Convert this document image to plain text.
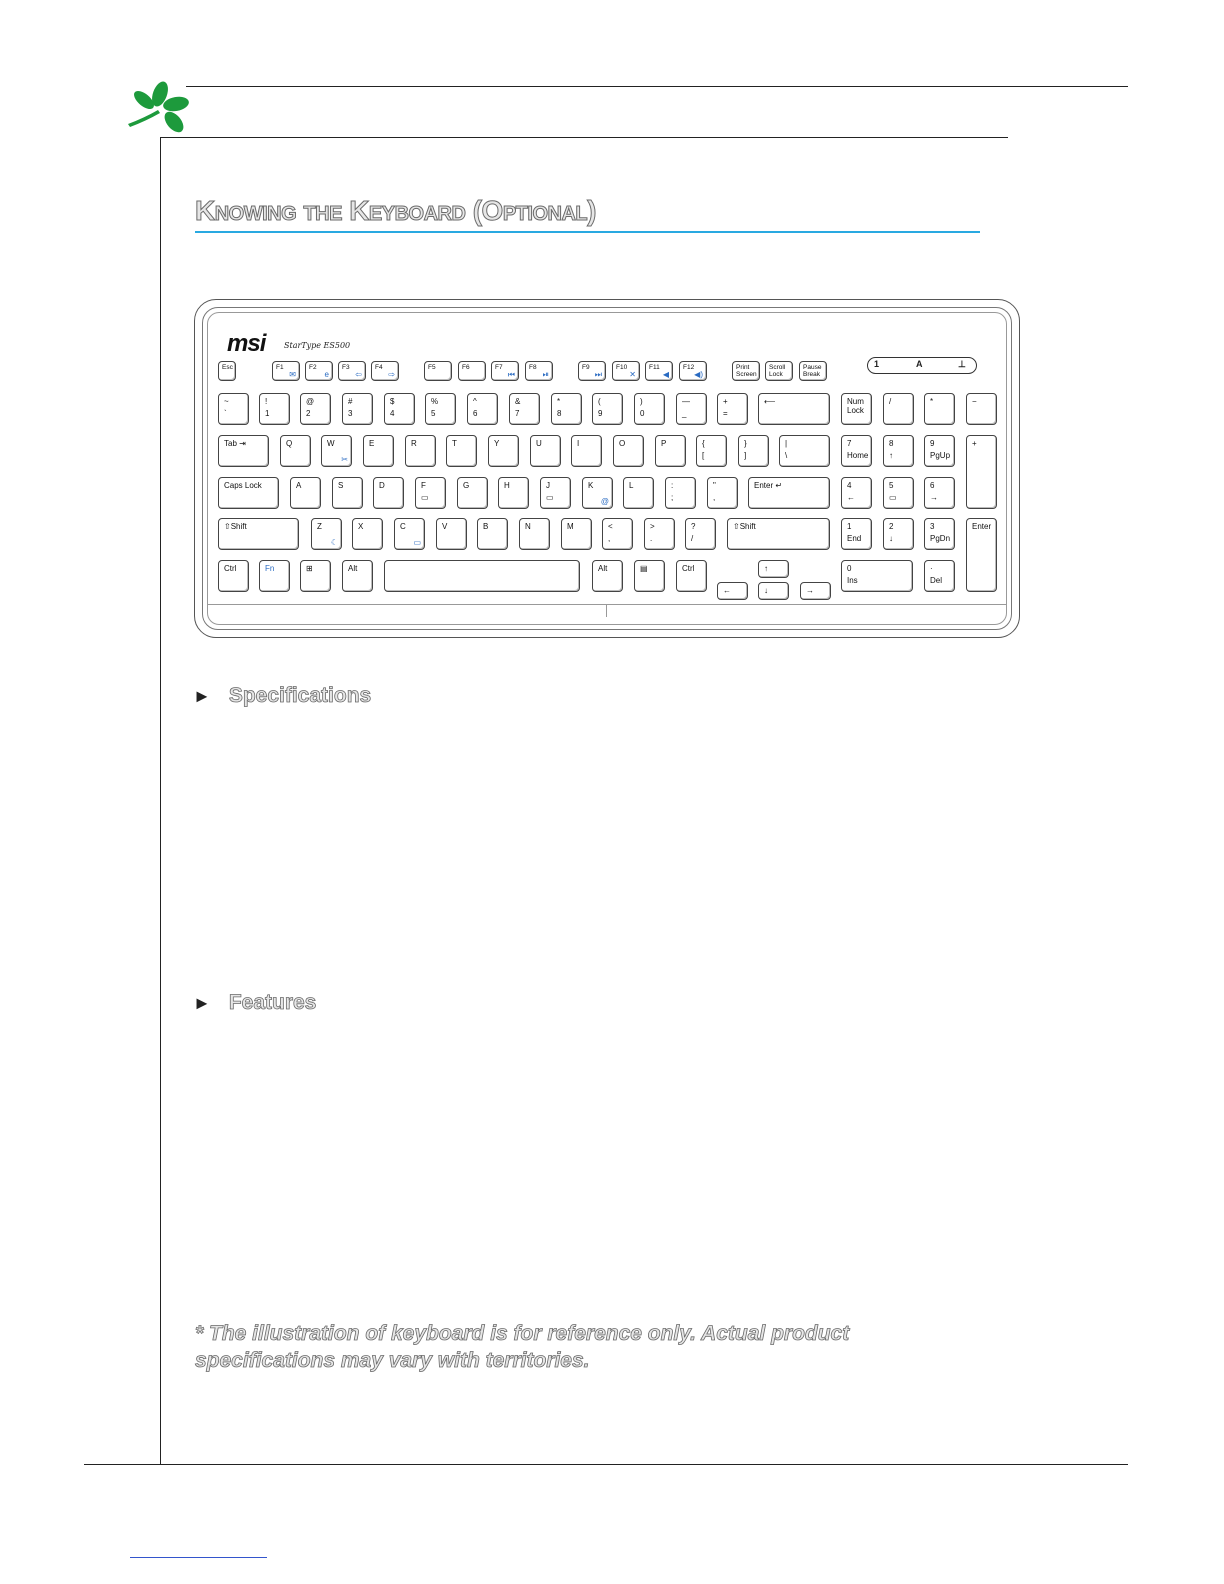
Knowing the Keyboard (Optional)
msi StarType ES500
1	A	⊥
Esc	F1
✉
F2
e
F3
⇦
F4
⇨
F5	F6	F7
⏮
F8
⏯
F9
⏭
F10
✕
F11
◀
F12
◀)
Print
Screen
Scroll
Lock
Pause
Break
~
`
!
1
@
2
#
3
$
4
%
5
^
6
&
7
*
8
(
9
)
0
—
_
+
=
⟵	Num
Lock
/	*	−
Tab ⇥	Q	W
✂
E	R	T	Y	U	I	O	P	{
[
}
]
|
\
7
Home
8
↑
9
PgUp
+
Caps Lock	A	S	D	F
▭
G	H	J
▭
K
@
L	:
;
"
,
Enter ↵	4
←
5
▭
6
→
⇧Shift	Z
☾
X	C
▭
V	B	N	M	<
,
>
.
?
/
⇧Shift	1
End
2
↓
3
PgDn
Enter
Ctrl	Fn	⊞	Alt	Alt	▤	Ctrl	↑
←	↓	→
0
Ins
·
Del
► Specifications
► Features
* The illustration of keyboard is for reference only. Actual product specifications may vary with territories.
